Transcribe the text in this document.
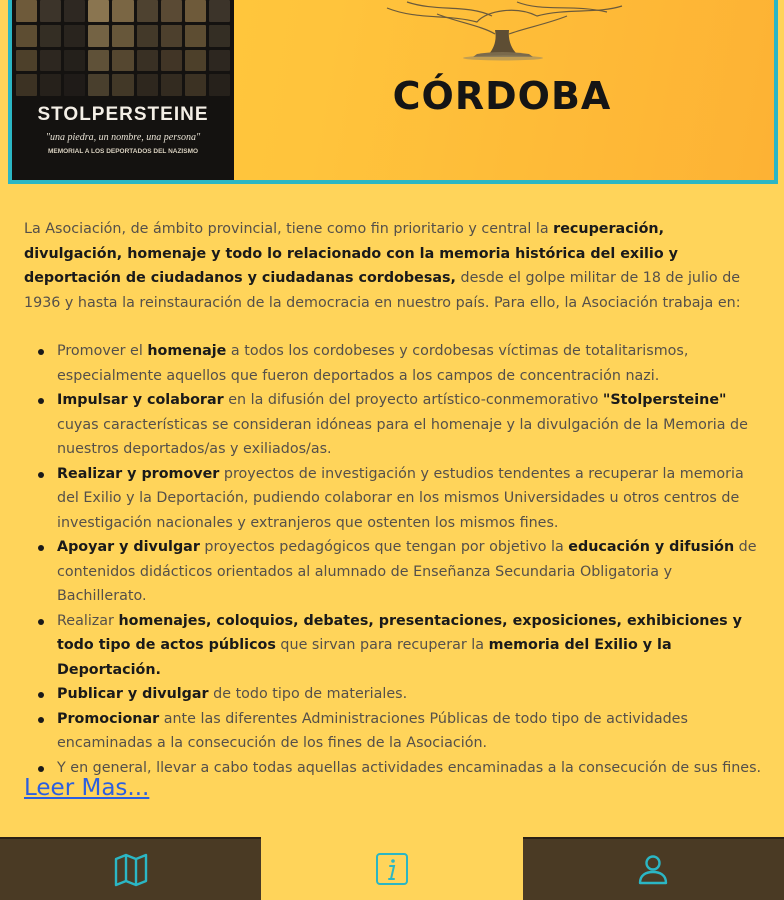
STOLPERSTEINE
"una piedra, un nombre, una persona"
MEMORIAL A LOS DEPORTADOS DEL NAZISMO
CÓRDOBA

La Asociación, de ámbito provincial, tiene como fin prioritario y central la recuperación, divulgación, homenaje y todo lo relacionado con la memoria histórica del exilio y deportación de ciudadanos y ciudadanas cordobesas, desde el golpe militar de 18 de julio de 1936 y hasta la reinstauración de la democracia en nuestro país. Para ello, la Asociación trabaja en:

Promover el homenaje a todos los cordobeses y cordobesas víctimas de totalitarismos, especialmente aquellos que fueron deportados a los campos de concentración nazi.
Impulsar y colaborar en la difusión del proyecto artístico-conmemorativo "Stolpersteine" cuyas características se consideran idóneas para el homenaje y la divulgación de la Memoria de nuestros deportados/as y exiliados/as.
Realizar y promover proyectos de investigación y estudios tendentes a recuperar la memoria del Exilio y la Deportación, pudiendo colaborar en los mismos Universidades u otros centros de investigación nacionales y extranjeros que ostenten los mismos fines.
Apoyar y divulgar proyectos pedagógicos que tengan por objetivo la educación y difusión de contenidos didácticos orientados al alumnado de Enseñanza Secundaria Obligatoria y Bachillerato.
Realizar homenajes, coloquios, debates, presentaciones, exposiciones, exhibiciones y todo tipo de actos públicos que sirvan para recuperar la memoria del Exilio y la Deportación.
Publicar y divulgar de todo tipo de materiales.
Promocionar ante las diferentes Administraciones Públicas de todo tipo de actividades encaminadas a la consecución de los fines de la Asociación.
Y en general, llevar a cabo todas aquellas actividades encaminadas a la consecución de sus fines.
Leer Mas...
